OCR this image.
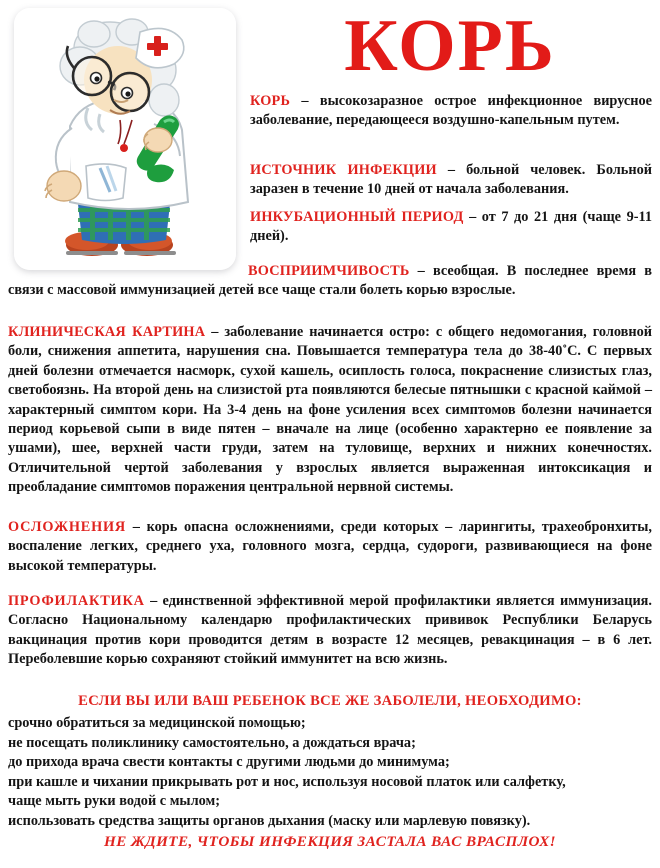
КОРЬ

КОРЬ – высокозаразное острое инфекционное вирусное заболевание, передающееся воздушно-капельным путем.

ИСТОЧНИК ИНФЕКЦИИ – больной человек. Больной заразен в течение 10 дней от начала заболевания.

ИНКУБАЦИОННЫЙ ПЕРИОД – от 7 до 21 дня (чаще 9-11 дней).

ВОСПРИИМЧИВОСТЬ – всеобщая. В последнее время в связи с массовой иммунизацией детей все чаще стали болеть корью взрослые.

КЛИНИЧЕСКАЯ КАРТИНА – заболевание начинается остро: с общего недомогания, головной боли, снижения аппетита, нарушения сна. Повышается температура тела до 38-40˚С. С первых дней болезни отмечается насморк, сухой кашель, осиплость голоса, покраснение слизистых глаз, светобоязнь. На второй день на слизистой рта появляются белесые пятнышки с красной каймой – характерный симптом кори. На 3-4 день на фоне усиления всех симптомов болезни начинается период корьевой сыпи в виде пятен – вначале на лице (особенно характерно ее появление за ушами), шее, верхней части груди, затем на туловище, верхних и нижних конечностях. Отличительной чертой заболевания у взрослых является выраженная интоксикация и преобладание симптомов поражения центральной нервной системы.

ОСЛОЖНЕНИЯ – корь опасна осложнениями, среди которых – ларингиты, трахеобронхиты, воспаление легких, среднего уха, головного мозга, сердца, судороги, развивающиеся на фоне высокой температуры.

ПРОФИЛАКТИКА – единственной эффективной мерой профилактики является иммунизация. Согласно Национальному календарю профилактических прививок Республики Беларусь вакцинация против кори проводится детям в возрасте 12 месяцев, ревакцинация – в 6 лет. Переболевшие корью сохраняют стойкий иммунитет на всю жизнь.

ЕСЛИ ВЫ ИЛИ ВАШ РЕБЕНОК ВСЕ ЖЕ ЗАБОЛЕЛИ, НЕОБХОДИМО:
срочно обратиться за медицинской помощью;
не посещать поликлинику самостоятельно, а дождаться врача;
до прихода врача свести контакты с другими людьми до минимума;
при кашле и чихании прикрывать рот и нос, используя носовой платок или салфетку,
чаще мыть руки водой с мылом;
использовать средства защиты органов дыхания (маску или марлевую повязку).
НЕ ЖДИТЕ, ЧТОБЫ ИНФЕКЦИЯ ЗАСТАЛА ВАС ВРАСПЛОХ!
